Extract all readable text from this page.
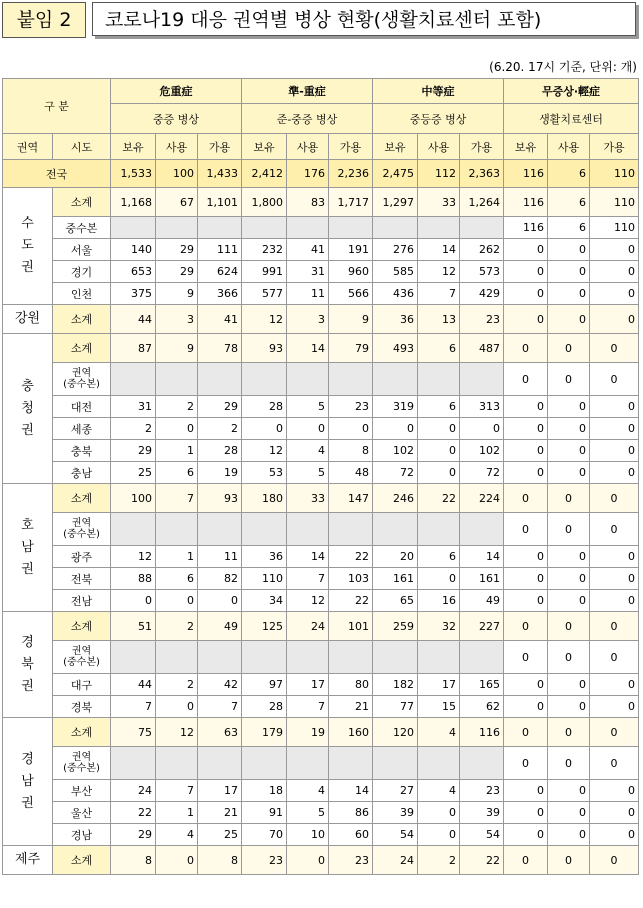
붙임 2	코로나19 대응 권역별 병상 현황(생활치료센터 포함)
(6.20. 17시 기준, 단위: 개)
구 분		危重症			準-重症			中等症			무증상·輕症		
		중증 병상			준-중증 병상			중등증 병상			생활치료센터		
권역	시도	보유	사용	가용	보유	사용	가용	보유	사용	가용	보유	사용	가용
전국		1,533	100	1,433	2,412	176	2,236	2,475	112	2,363	116	6	110
수
도
권	소계	1,168	67	1,101	1,800	83	1,717	1,297	33	1,264	116	6	110
	중수본										116	6	110
	서울	140	29	111	232	41	191	276	14	262	0	0	0
	경기	653	29	624	991	31	960	585	12	573	0	0	0
	인천	375	9	366	577	11	566	436	7	429	0	0	0
강원	소계	44	3	41	12	3	9	36	13	23	0	0	0
충
청
권	소계	87	9	78	93	14	79	493	6	487	0	0	0
	권역
(중수본)										0	0	0
	대전	31	2	29	28	5	23	319	6	313	0	0	0
	세종	2	0	2	0	0	0	0	0	0	0	0	0
	충북	29	1	28	12	4	8	102	0	102	0	0	0
	충남	25	6	19	53	5	48	72	0	72	0	0	0
호
남
권	소계	100	7	93	180	33	147	246	22	224	0	0	0
	권역
(중수본)										0	0	0
	광주	12	1	11	36	14	22	20	6	14	0	0	0
	전북	88	6	82	110	7	103	161	0	161	0	0	0
	전남	0	0	0	34	12	22	65	16	49	0	0	0
경
북
권	소계	51	2	49	125	24	101	259	32	227	0	0	0
	권역
(중수본)										0	0	0
	대구	44	2	42	97	17	80	182	17	165	0	0	0
	경북	7	0	7	28	7	21	77	15	62	0	0	0
경
남
권	소계	75	12	63	179	19	160	120	4	116	0	0	0
	권역
(중수본)										0	0	0
	부산	24	7	17	18	4	14	27	4	23	0	0	0
	울산	22	1	21	91	5	86	39	0	39	0	0	0
	경남	29	4	25	70	10	60	54	0	54	0	0	0
제주	소계	8	0	8	23	0	23	24	2	22	0	0	0
